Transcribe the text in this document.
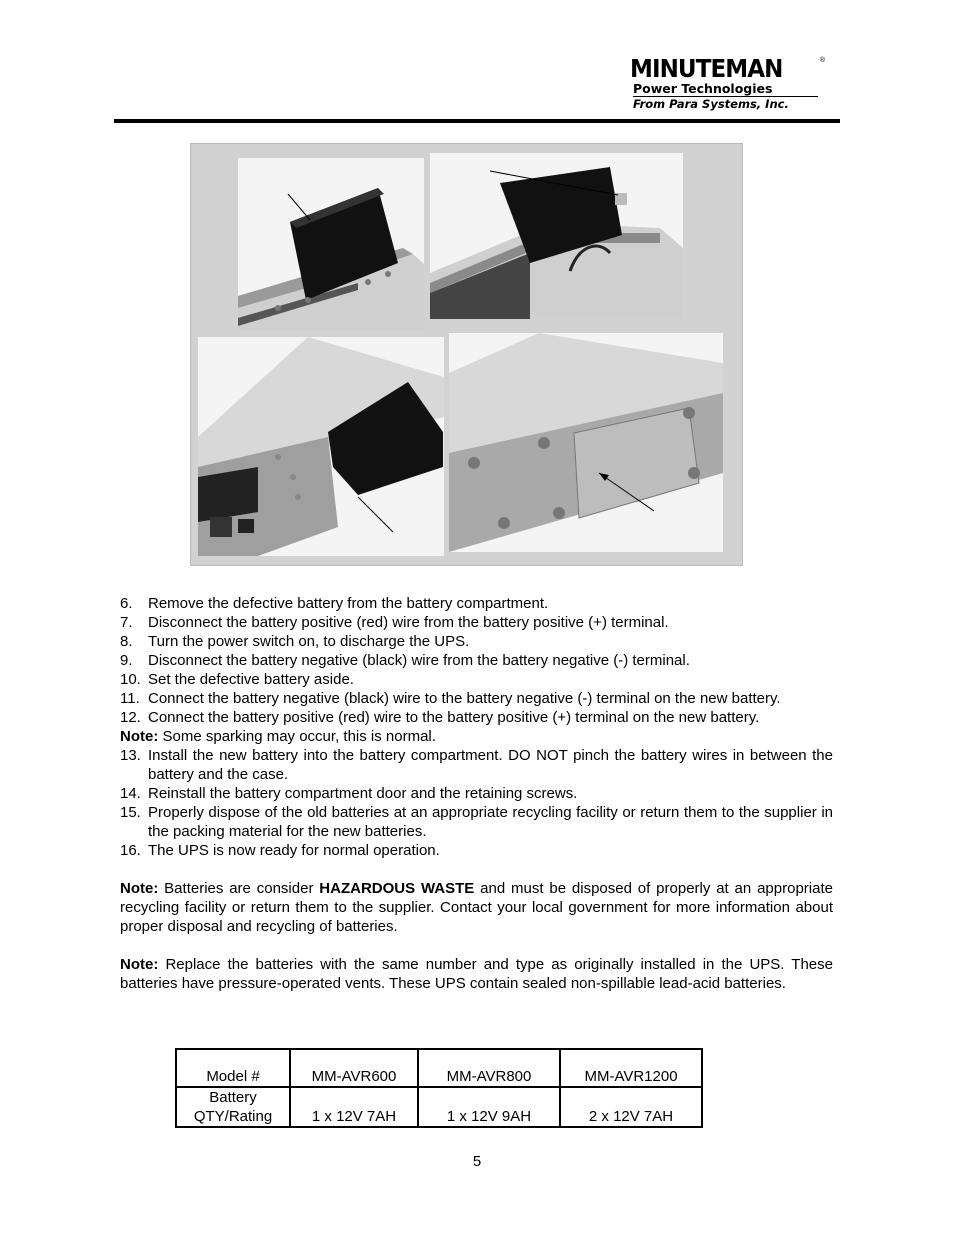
MINUTEMAN	®
Power Technologies
From Para Systems, Inc.
6. Remove the defective battery from the battery compartment.
7. Disconnect the battery positive (red) wire from the battery positive (+) terminal.
8. Turn the power switch on, to discharge the UPS.
9. Disconnect the battery negative (black) wire from the battery negative (-) terminal.
10. Set the defective battery aside.
11. Connect the battery negative (black) wire to the battery negative (-) terminal on the new battery.
12. Connect the battery positive (red) wire to the battery positive (+) terminal on the new battery.
Note: Some sparking may occur, this is normal.
13. Install the new battery into the battery compartment. DO NOT pinch the battery wires in between the battery and the case.
14. Reinstall the battery compartment door and the retaining screws.
15. Properly dispose of the old batteries at an appropriate recycling facility or return them to the supplier in the packing material for the new batteries.
16. The UPS is now ready for normal operation.
Note: Batteries are consider HAZARDOUS WASTE and must be disposed of properly at an appropriate recycling facility or return them to the supplier. Contact your local government for more information about proper disposal and recycling of batteries.
Note: Replace the batteries with the same number and type as originally installed in the UPS. These batteries have pressure-operated vents. These UPS contain sealed non-spillable lead-acid batteries.
Model #	MM-AVR600	MM-AVR800	MM-AVR1200
Battery QTY/Rating	1 x 12V 7AH	1 x 12V 9AH	2 x 12V 7AH
5
